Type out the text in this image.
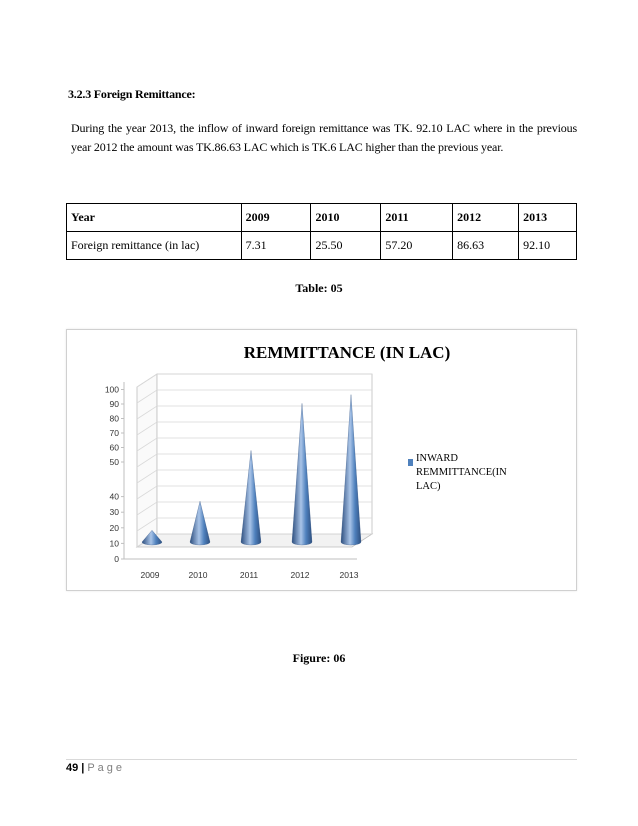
3.2.3 Foreign Remittance:
During the year 2013, the inflow of inward foreign remittance was TK. 92.10 LAC where in the previous year 2012 the amount was TK.86.63 LAC which is TK.6 LAC higher than the previous year.
Year	2009	2010	2011	2012	2013
Foreign remittance (in lac)	7.31	25.50	57.20	86.63	92.10
Table: 05
REMMITTANCE (IN LAC)
0
10
20
30
40
50
60
70
80
90
100
2009	2010	2011	2012	2013
INWARD REMMITTANCE(IN LAC)
Figure: 06
49 | Page
